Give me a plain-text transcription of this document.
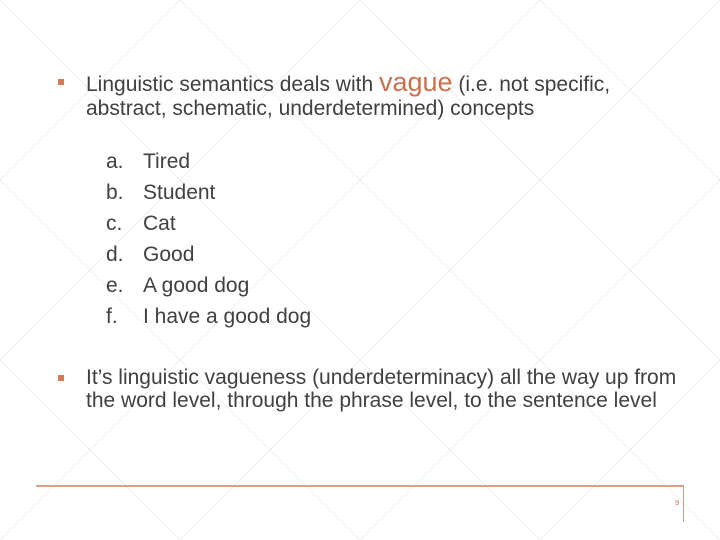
Linguistic semantics deals with vague (i.e. not specific, abstract, schematic, underdetermined) concepts
a. Tired
b. Student
c. Cat
d. Good
e. A good dog
f.	I have a good dog
It’s linguistic vagueness (underdeterminacy) all the way up from the word level, through the phrase level, to the sentence level
9
